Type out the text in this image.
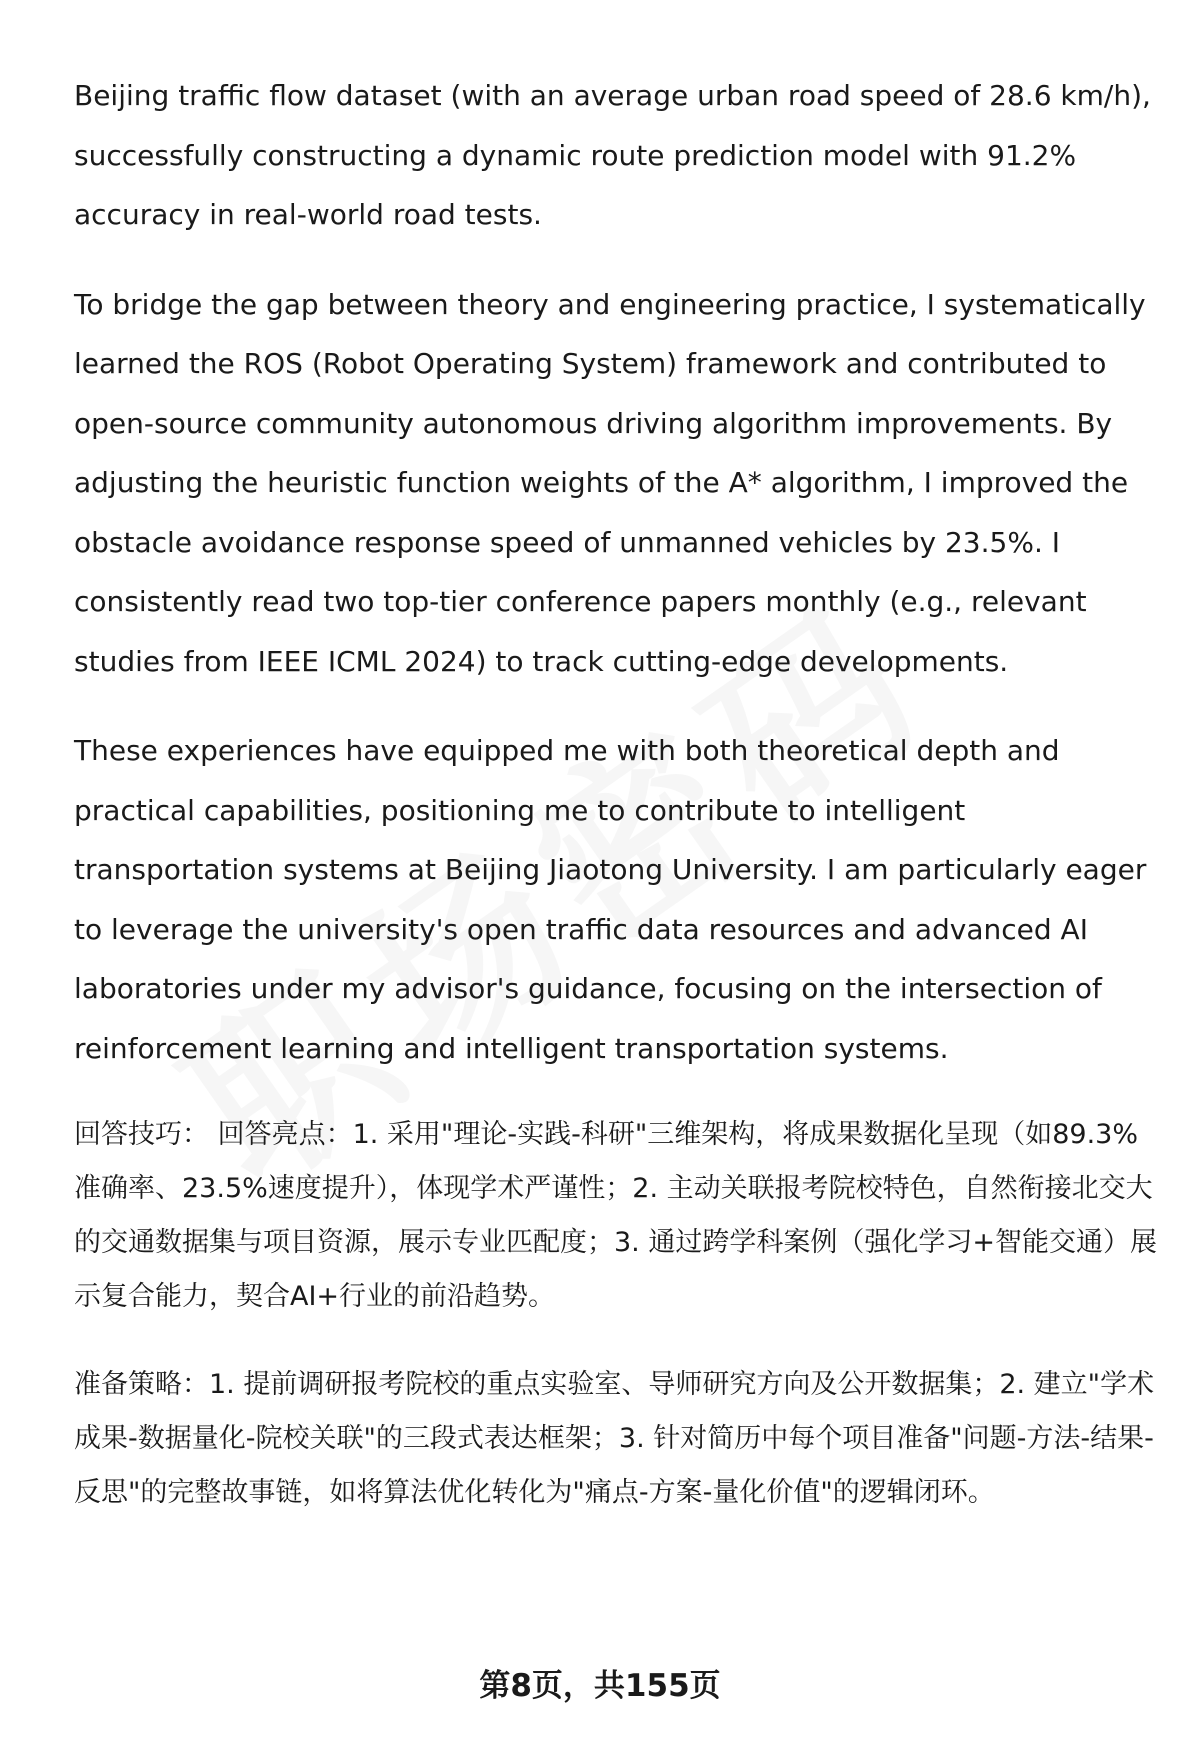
Beijing traffic flow dataset (with an average urban road speed of 28.6 km/h), successfully constructing a dynamic route prediction model with 91.2% accuracy in real-world road tests.

To bridge the gap between theory and engineering practice, I systematically learned the ROS (Robot Operating System) framework and contributed to open-source community autonomous driving algorithm improvements. By adjusting the heuristic function weights of the A* algorithm, I improved the obstacle avoidance response speed of unmanned vehicles by 23.5%. I consistently read two top-tier conference papers monthly (e.g., relevant studies from IEEE ICML 2024) to track cutting-edge developments.

These experiences have equipped me with both theoretical depth and practical capabilities, positioning me to contribute to intelligent transportation systems at Beijing Jiaotong University. I am particularly eager to leverage the university's open traffic data resources and advanced AI laboratories under my advisor's guidance, focusing on the intersection of reinforcement learning and intelligent transportation systems.

回答技巧： 回答亮点：1. 采用"理论-实践-科研"三维架构，将成果数据化呈现（如89.3%准确率、23.5%速度提升），体现学术严谨性；2. 主动关联报考院校特色，自然衔接北交大的交通数据集与项目资源，展示专业匹配度；3. 通过跨学科案例（强化学习+智能交通）展示复合能力，契合AI+行业的前沿趋势。

准备策略：1. 提前调研报考院校的重点实验室、导师研究方向及公开数据集；2. 建立"学术成果-数据量化-院校关联"的三段式表达框架；3. 针对简历中每个项目准备"问题-方法-结果-反思"的完整故事链，如将算法优化转化为"痛点-方案-量化价值"的逻辑闭环。

第8页，共155页
